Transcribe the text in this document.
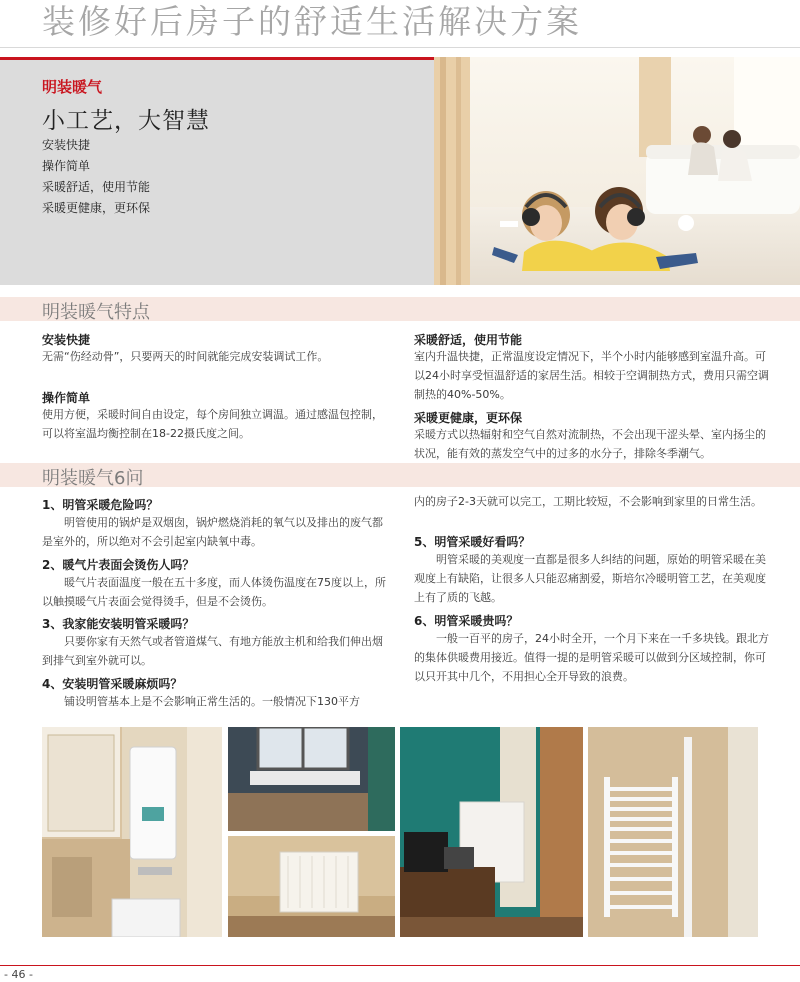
装修好后房子的舒适生活解决方案
明装暖气
小工艺，大智慧
安装快捷
操作简单
采暖舒适，使用节能
采暖更健康，更环保
明装暖气特点
安装快捷
无需“伤经动骨”，只要两天的时间就能完成安装调试工作。
操作简单
使用方便，采暖时间自由设定，每个房间独立调温。通过感温包控制，可以将室温均衡控制在18-22摄氏度之间。
采暖舒适，使用节能
室内升温快捷，正常温度设定情况下，半个小时内能够感到室温升高。可以24小时享受恒温舒适的家居生活。相较于空调制热方式，费用只需空调制热的40%-50%。
采暖更健康，更环保
采暖方式以热辐射和空气自然对流制热，不会出现干涩头晕、室内扬尘的状况，能有效的蒸发空气中的过多的水分子，排除冬季潮气。
明装暖气6问
1、明管采暖危险吗？
明管使用的锅炉是双烟囱，锅炉燃烧消耗的氧气以及排出的废气都是室外的，所以绝对不会引起室内缺氧中毒。
2、暖气片表面会烫伤人吗？
暖气片表面温度一般在五十多度，而人体烫伤温度在75度以上，所以触摸暖气片表面会觉得烫手，但是不会烫伤。
3、我家能安装明管采暖吗？
只要你家有天然气或者管道煤气、有地方能放主机和给我们伸出烟到排气到室外就可以。
4、安装明管采暖麻烦吗？
铺设明管基本上是不会影响正常生活的。一般情况下130平方
内的房子2-3天就可以完工，工期比较短，不会影响到家里的日常生活。
5、明管采暖好看吗？
明管采暖的美观度一直都是很多人纠结的问题，原始的明管采暖在美观度上有缺陷，让很多人只能忍痛割爱，斯培尔冷暖明管工艺，在美观度上有了质的飞越。
6、明管采暖贵吗？
一般一百平的房子，24小时全开，一个月下来在一千多块钱。跟北方的集体供暖费用接近。值得一提的是明管采暖可以做到分区域控制，你可以只开其中几个，不用担心全开导致的浪费。
- 46 -
